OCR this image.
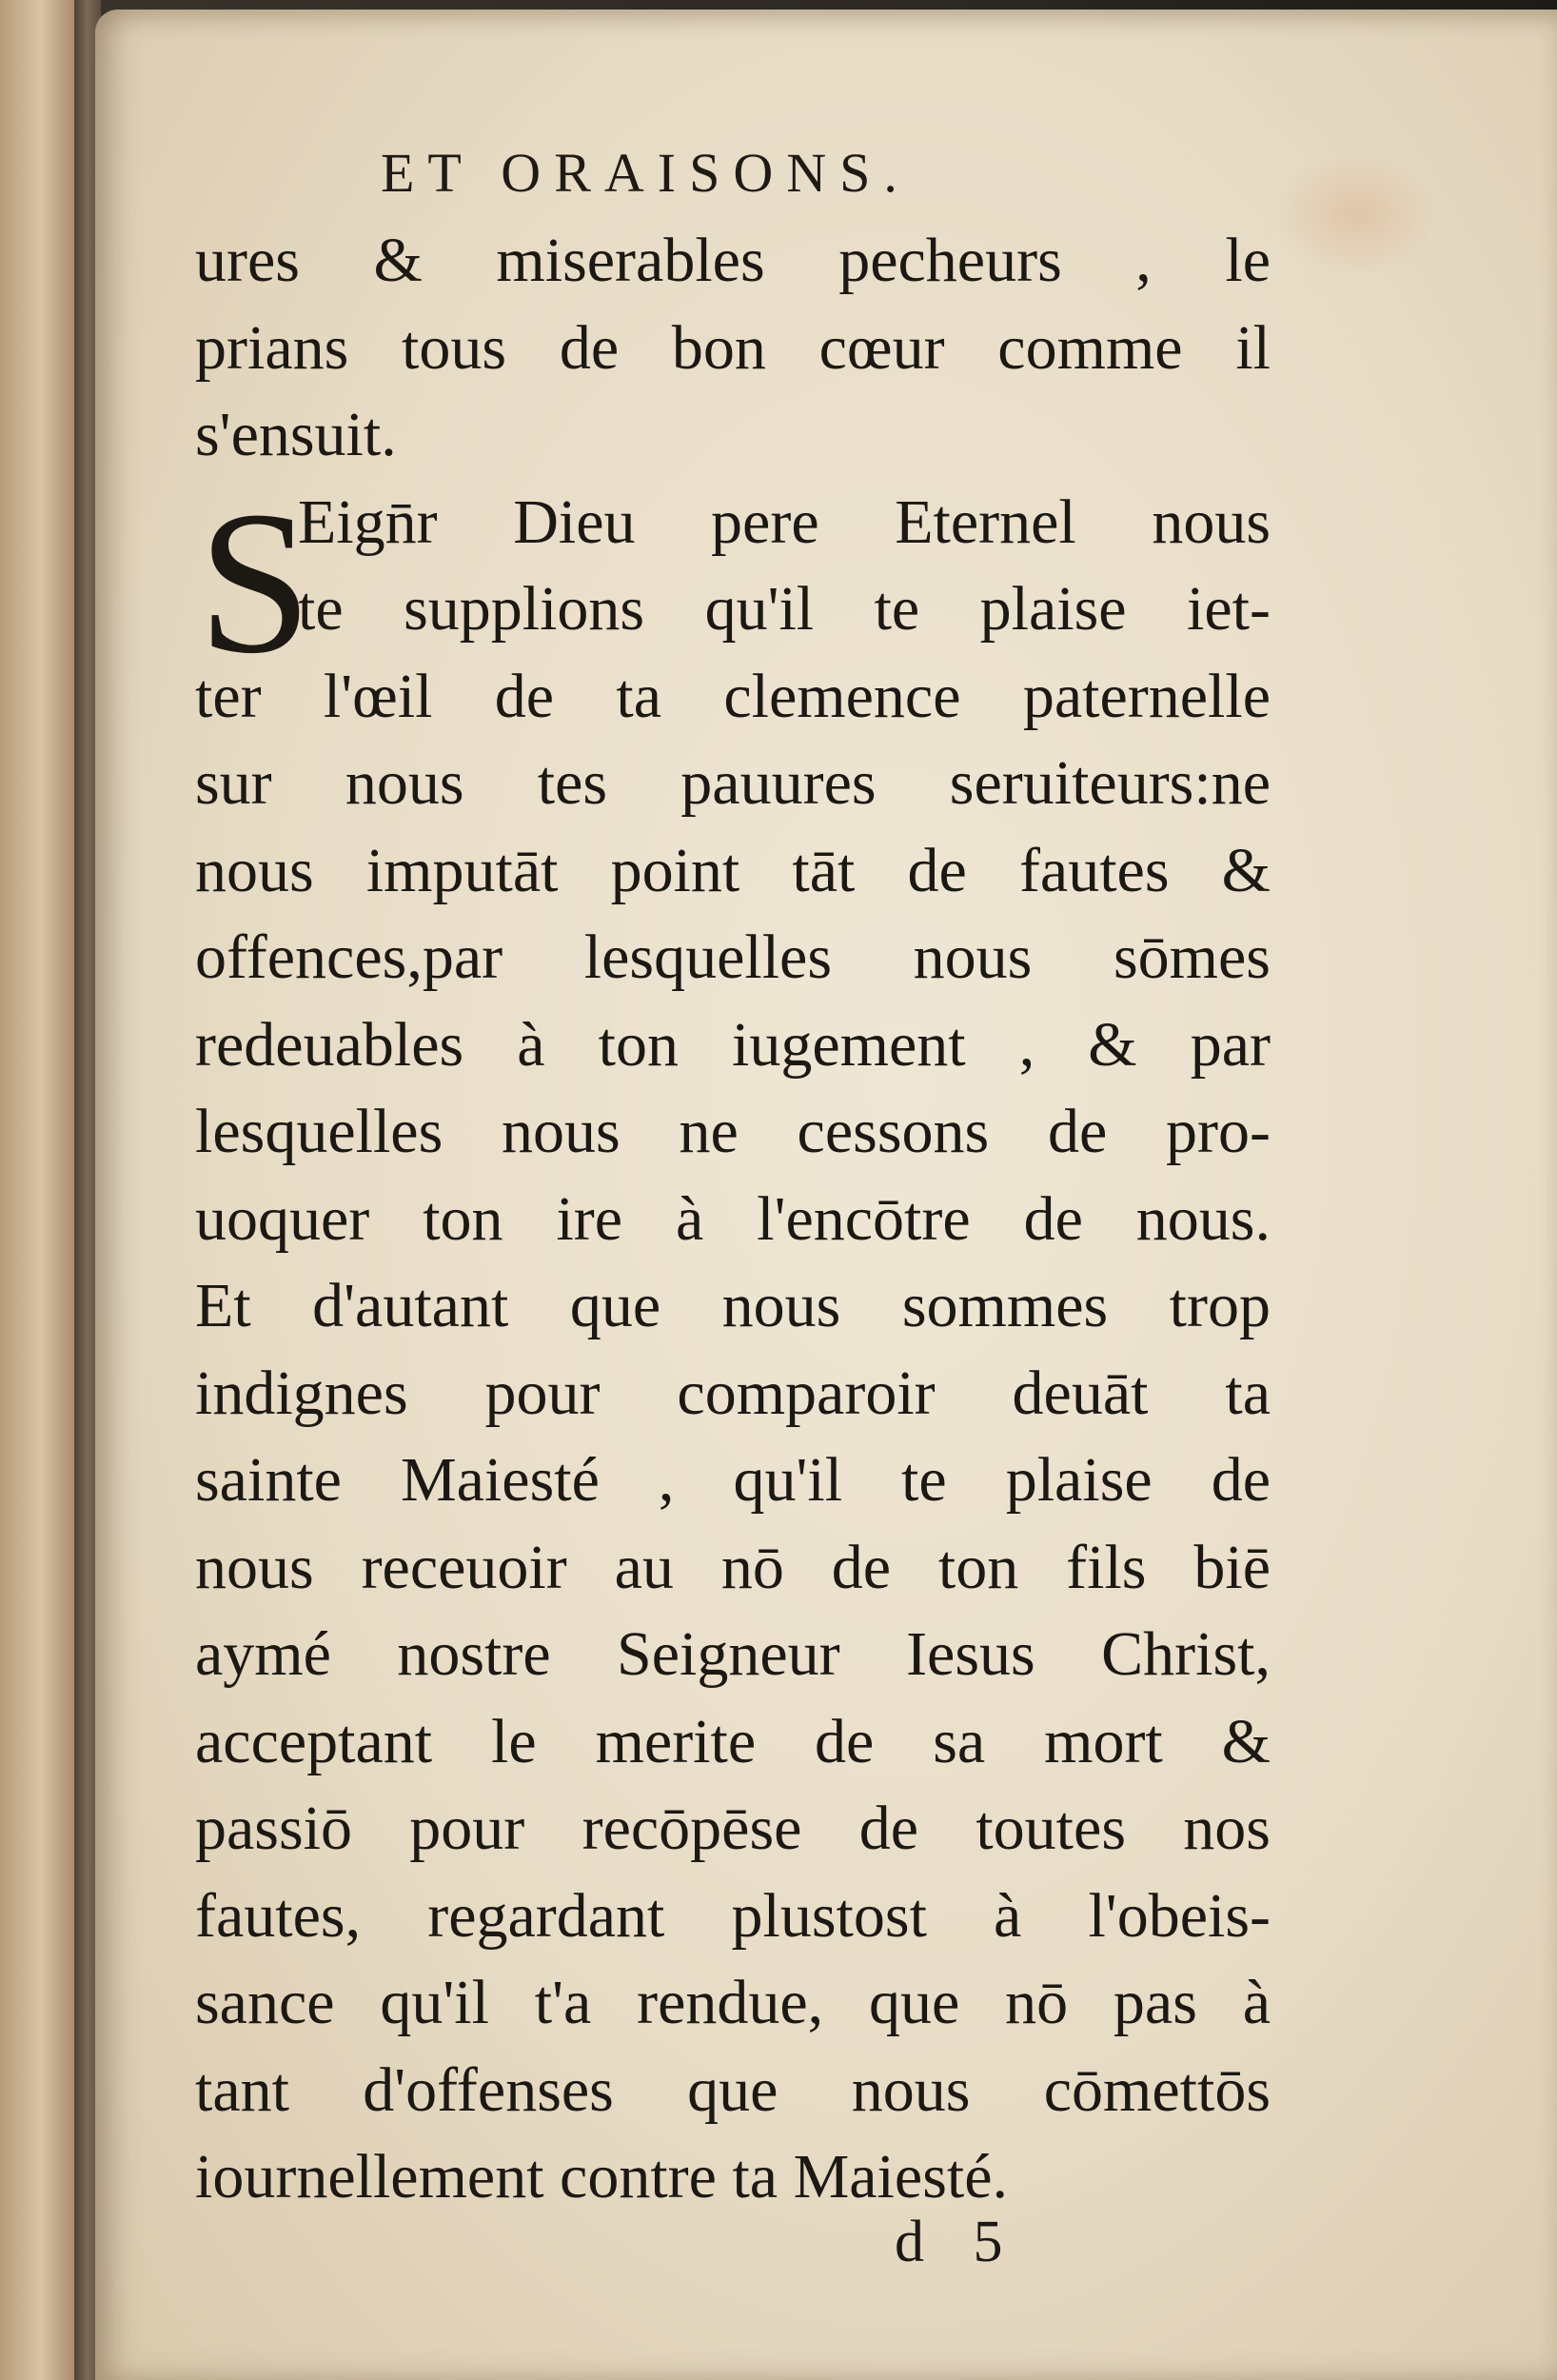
ET ORAISONS.
S
ures & miserables pecheurs , le
prians tous de bon cœur comme il
s'ensuit.
Eign̄r Dieu pere Eternel nous
te supplions qu'il te plaise iet-
ter l'œil de ta clemence paternelle
sur nous tes pauures seruiteurs:ne
nous imputāt point tāt de fautes &
offences,par lesquelles nous sōmes
redeuables à ton iugement , & par
lesquelles nous ne cessons de pro-
uoquer ton ire à l'encōtre de nous.
Et d'autant que nous sommes trop
indignes pour comparoir deuāt ta
sainte Maiesté , qu'il te plaise de
nous receuoir au nō de ton fils biē
aymé nostre Seigneur Iesus Christ,
acceptant le merite de sa mort &
passiō pour recōpēse de toutes nos
fautes, regardant plustost à l'obeis-
sance qu'il t'a rendue, que nō pas à
tant d'offenses que nous cōmettōs
iournellement contre ta Maiesté.
d 5
